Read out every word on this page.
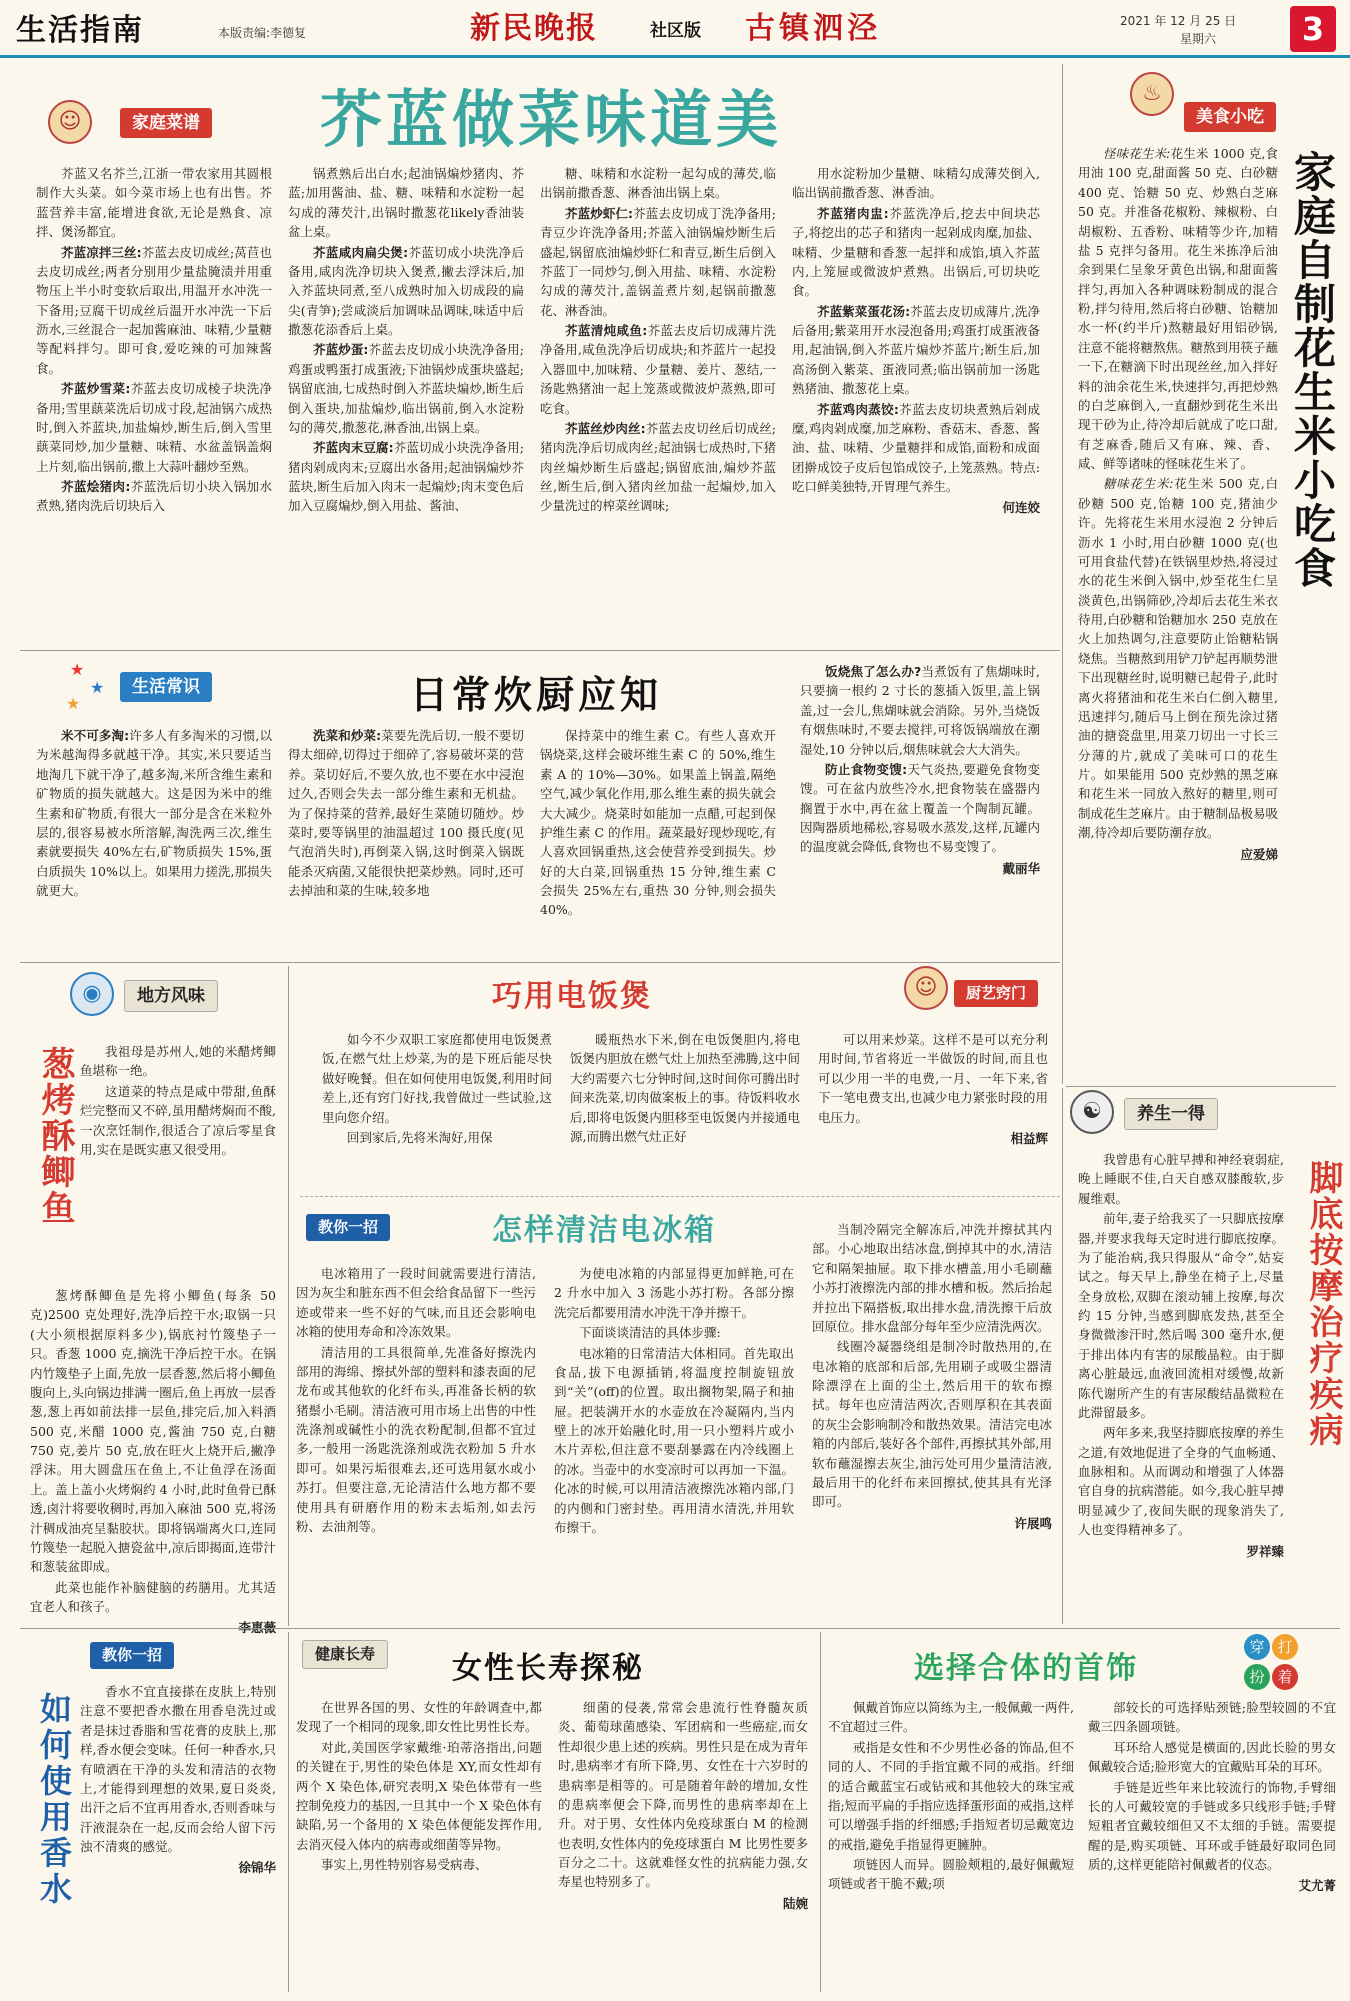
生活指南	本版责编:李德复	新民晚报	社区版 古镇泗泾	2021 年 12 月 25 日
星期六	3
☺	家庭菜谱 芥蓝做菜味道美

芥蓝又名芥兰,江浙一带农家用其圆根制作大头菜。如今菜市场上也有出售。芥蓝营养丰富,能增进食欲,无论是熟食、凉拌、煲汤都宜。

芥蓝凉拌三丝:芥蓝去皮切成丝;莴苣也去皮切成丝;两者分别用少量盐腌渍并用重物压上半小时变软后取出,用温开水冲洗一下备用;豆腐干切成丝后温开水冲洗一下后沥水,三丝混合一起加酱麻油、味精,少量糖等配料拌匀。即可食,爱吃辣的可加辣酱食。

芥蓝炒雪菜:芥蓝去皮切成棱子块洗净备用;雪里蕻菜洗后切成寸段,起油锅六成热时,倒入芥蓝块,加盐煸炒,断生后,倒入雪里蕻菜同炒,加少量糖、味精、水盆盖锅盖焖上片刻,临出锅前,撒上大蒜叶翻炒至熟。

芥蓝烩猪肉:芥蓝洗后切小块入锅加水煮熟,猪肉洗后切块后入

锅煮熟后出白水;起油锅煸炒猪肉、芥蓝;加用酱油、盐、糖、味精和水淀粉一起勾成的薄芡汁,出锅时撒葱花likely香油装盆上桌。

芥蓝咸肉扁尖煲:芥蓝切成小块洗净后备用,咸肉洗净切块入煲煮,撇去浮沫后,加入芥蓝块同煮,至八成熟时加入切成段的扁尖(青笋);尝咸淡后加调味品调味,味适中后撒葱花添香后上桌。

芥蓝炒蛋:芥蓝去皮切成小块洗净备用;鸡蛋或鸭蛋打成蛋液;下油锅炒成蛋块盛起;锅留底油,七成热时倒入芥蓝块煸炒,断生后倒入蛋块,加盐煸炒,临出锅前,倒入水淀粉勾的薄芡,撒葱花,淋香油,出锅上桌。

芥蓝肉末豆腐:芥蓝切成小块洗净备用;猪肉剁成肉末;豆腐出水备用;起油锅煸炒芥蓝块,断生后加入肉末一起煸炒;肉末变色后加入豆腐煸炒,倒入用盐、酱油、

糖、味精和水淀粉一起勾成的薄芡,临出锅前撒香葱、淋香油出锅上桌。

芥蓝炒虾仁:芥蓝去皮切成丁洗净备用;青豆少许洗净备用;芥蓝入油锅煸炒断生后盛起,锅留底油煸炒虾仁和青豆,断生后倒入芥蓝丁一同炒匀,倒入用盐、味精、水淀粉勾成的薄芡汁,盖锅盖煮片刻,起锅前撒葱花、淋香油。

芥蓝清炖咸鱼:芥蓝去皮后切成薄片洗净备用,咸鱼洗净后切成块;和芥蓝片一起投入器皿中,加味精、少量糖、姜片、葱结,一汤匙熟猪油一起上笼蒸或微波炉蒸熟,即可吃食。

芥蓝丝炒肉丝:芥蓝去皮切丝后切成丝;猪肉洗净后切成肉丝;起油锅七成热时,下猪肉丝煸炒断生后盛起;锅留底油,煸炒芥蓝丝,断生后,倒入猪肉丝加盐一起煸炒,加入少量洗过的榨菜丝调味;

用水淀粉加少量糖、味精勾成薄芡倒入,临出锅前撒香葱、淋香油。

芥蓝猪肉盅:芥蓝洗净后,挖去中间块芯子,将挖出的芯子和猪肉一起剁成肉糜,加盐、味精、少量糖和香葱一起拌和成馅,填入芥蓝内,上笼屉或微波炉煮熟。出锅后,可切块吃食。

芥蓝紫菜蛋花汤:芥蓝去皮切成薄片,洗净后备用;紫菜用开水浸泡备用;鸡蛋打成蛋液备用,起油锅,倒入芥蓝片煸炒芥蓝片;断生后,加高汤倒入紫菜、蛋液同煮;临出锅前加一汤匙熟猪油、撒葱花上桌。

芥蓝鸡肉蒸饺:芥蓝去皮切块煮熟后剁成糜,鸡肉剁成糜,加芝麻粉、香菇末、香葱、酱油、盐、味精、少量糖拌和成馅,面粉和成面团擀成饺子皮后包馅成饺子,上笼蒸熟。特点:吃口鲜美独特,开胃理气养生。

何连姣
♨
美食小吃
家庭自制花生米小吃食

怪味花生米:花生米 1000 克,食用油 100 克,甜面酱 50 克、白砂糖 400 克、饴糖 50 克、炒熟白芝麻 50 克。并准备花椒粉、辣椒粉、白胡椒粉、五香粉、味精等少许,加精盐 5 克拌匀备用。花生米拣净后油余到果仁呈象牙黄色出锅,和甜面酱拌匀,再加入各种调味粉制成的混合粉,拌匀待用,然后将白砂糖、饴糖加水一杯(约半斤)熬糖最好用铝砂锅,注意不能将糖熬焦。糖熬到用筷子蘸一下,在糖滴下时出现丝丝,加入拌好料的油余花生米,快速拌匀,再把炒熟的白芝麻倒入,一直翻炒到花生米出现干砂为止,待冷却后就成了吃口甜,有芝麻香,随后又有麻、辣、香、咸、鲜等诸味的怪味花生米了。

糖味花生米:花生米 500 克,白砂糖 500 克,饴糖 100 克,猪油少许。先将花生米用水浸泡 2 分钟后沥水 1 小时,用白砂糖 1000 克(也可用食盐代替)在铁锅里炒热,将浸过水的花生米倒入锅中,炒至花生仁呈淡黄色,出锅筛砂,冷却后去花生米衣待用,白砂糖和饴糖加水 250 克放在火上加热调匀,注意要防止饴糖粘锅烧焦。当糖熬到用铲刀铲起再顺势泄下出现糖丝时,说明糖已起骨子,此时离火将猪油和花生米白仁倒入糖里,迅速拌匀,随后马上倒在预先涂过猪油的搪瓷盘里,用菜刀切出一寸长三分薄的片,就成了美味可口的花生片。如果能用 500 克炒熟的黑芝麻和花生米一同放入熬好的糖里,则可制成花生芝麻片。由于糖制品极易吸潮,待冷却后要防潮存放。

应爱娣
★
★
★
生活常识	日常炊厨应知

米不可多淘:许多人有多淘米的习惯,以为米越淘得多就越干净。其实,米只要适当地淘几下就干净了,越多淘,米所含维生素和矿物质的损失就越大。这是因为米中的维生素和矿物质,有很大一部分是含在米粒外层的,很容易被水所溶解,淘洗两三次,维生素就要损失 40%左右,矿物质损失 15%,蛋白质损失 10%以上。如果用力搓洗,那损失就更大。

洗菜和炒菜:菜要先洗后切,一般不要切得太细碎,切得过于细碎了,容易破坏菜的营养。菜切好后,不要久放,也不要在水中浸泡过久,否则会失去一部分维生素和无机盐。为了保持菜的营养,最好生菜随切随炒。炒菜时,要等锅里的油温超过 100 摄氏度(见气泡消失时),再倒菜入锅,这时倒菜入锅既能杀灭病菌,又能很快把菜炒熟。同时,还可去掉油和菜的生味,较多地

保持菜中的维生素 C。有些人喜欢开锅烧菜,这样会破坏维生素 C 的 50%,维生素 A 的 10%—30%。如果盖上锅盖,隔绝空气,减少氧化作用,那么维生素的损失就会大大减少。烧菜时如能加一点醋,可起到保护维生素 C 的作用。蔬菜最好现炒现吃,有人喜欢回锅重热,这会使营养受到损失。炒好的大白菜,回锅重热 15 分钟,维生素 C 会损失 25%左右,重热 30 分钟,则会损失 40%。

饭烧焦了怎么办?当煮饭有了焦煳味时,只要摘一根约 2 寸长的葱插入饭里,盖上锅盖,过一会儿,焦煳味就会消除。另外,当烧饭有烟焦味时,不要去搅拌,可将饭锅端放在潮湿处,10 分钟以后,烟焦味就会大大消失。

防止食物变馊:天气炎热,要避免食物变馊。可在盆内放些冷水,把食物装在盛器内搁置于水中,再在盆上覆盖一个陶制瓦罐。因陶器质地稀松,容易吸水蒸发,这样,瓦罐内的温度就会降低,食物也不易变馊了。

戴丽华
◉	地方风味
葱烤酥鲫鱼	我祖母是苏州人,她的米醋烤鲫鱼堪称一绝。

这道菜的特点是咸中带甜,鱼酥烂完整而又不碎,虽用醋烤焖而不酸,一次烹饪制作,很适合了凉后零星食用,实在是既实惠又很受用。

葱烤酥鲫鱼是先将小鲫鱼(每条 50 克)2500 克处理好,洗净后控干水;取锅一只(大小须根据原料多少),锅底衬竹篾垫子一只。香葱 1000 克,摘洗干净后控干水。在锅内竹篾垫子上面,先放一层香葱,然后将小鲫鱼腹向上,头向锅边排满一圈后,鱼上再放一层香葱,葱上再如前法排一层鱼,排完后,加入料酒 500 克,米醋 1000 克,酱油 750 克,白糖 750 克,姜片 50 克,放在旺火上烧开后,撇净浮沫。用大圆盘压在鱼上,不让鱼浮在汤面上。盖上盖小火烤焖约 4 小时,此时鱼骨已酥透,卤汁将要收稠时,再加入麻油 500 克,将汤汁稠成油亮呈黏胶状。即将锅端离火口,连同竹篾垫一起脱入搪瓷盆中,凉后即揭面,连带汁和葱装盆即成。

此菜也能作补脑健脑的药膳用。尤其适宜老人和孩子。

李惠薇
巧用电饭煲	☺	厨艺窍门

如今不少双职工家庭都使用电饭煲煮饭,在燃气灶上炒菜,为的是下班后能尽快做好晚餐。但在如何使用电饭煲,利用时间差上,还有窍门好找,我曾做过一些试验,这里向您介绍。

回到家后,先将米淘好,用保

暖瓶热水下米,倒在电饭煲胆内,将电饭煲内胆放在燃气灶上加热至沸腾,这中间大约需要六七分钟时间,这时间你可腾出时间来洗菜,切肉做案板上的事。待饭料收水后,即将电饭煲内胆移至电饭煲内并接通电源,而腾出燃气灶正好

可以用来炒菜。这样不是可以充分利用时间,节省将近一半做饭的时间,而且也可以少用一半的电费,一月、一年下来,省下一笔电费支出,也减少电力紧张时段的用电压力。

相益辉
教你一招	怎样清洁电冰箱

电冰箱用了一段时间就需要进行清洁,因为灰尘和脏东西不但会给食品留下一些污迹或带来一些不好的气味,而且还会影响电冰箱的使用寿命和冷冻效果。

清洁用的工具很简单,先准备好擦洗内部用的海绵、擦拭外部的塑料和漆表面的尼龙布或其他软的化纤布头,再准备长柄的软猪鬃小毛刷。清洁液可用市场上出售的中性洗涤剂或碱性小的洗衣粉配制,但都不宜过多,一般用一汤匙洗涤剂或洗衣粉加 5 升水即可。如果污垢很难去,还可选用氨水或小苏打。但要注意,无论清洁什么地方都不要使用具有研磨作用的粉末去垢剂,如去污粉、去油剂等。

为使电冰箱的内部显得更加鲜艳,可在 2 升水中加入 3 汤匙小苏打粉。各部分擦洗完后都要用清水冲洗干净并擦干。

下面谈谈清洁的具体步骤:

电冰箱的日常清洁大体相同。首先取出食品,拔下电源插销,将温度控制旋钮放到“关”(off)的位置。取出搁物架,隔子和抽屉。把装满开水的水壶放在冷凝隔内,当内壁上的冰开始融化时,用一只小塑料片或小木片弄松,但注意不要刮暴露在内冷线圈上的冰。当壶中的水变凉时可以再加一下温。化冰的时候,可以用清洁液擦洗冰箱内部,门的内侧和门密封垫。再用清水清洗,并用软布擦干。

当制冷隔完全解冻后,冲洗并擦拭其内部。小心地取出结冰盘,倒掉其中的水,清洁它和隔架抽屉。取下排水槽盖,用小毛刷蘸小苏打液擦洗内部的排水槽和板。然后抬起并拉出下隔搭板,取出排水盘,清洗擦干后放回原位。排水盘部分每年至少应清洗两次。

线圈冷凝器绕组是制冷时散热用的,在电冰箱的底部和后部,先用刷子或吸尘器清除漂浮在上面的尘土,然后用干的软布擦拭。每年也应清洁两次,否则厚积在其表面的灰尘会影响制冷和散热效果。清洁完电冰箱的内部后,装好各个部件,再擦拭其外部,用软布蘸湿擦去灰尘,油污处可用少量清洁液,最后用干的化纤布来回擦拭,使其具有光泽即可。

许展鸣
☯	养生一得

我曾患有心脏早搏和神经衰弱症,晚上睡眠不佳,白天自感双膝酸软,步履维艰。

前年,妻子给我买了一只脚底按摩器,并要求我每天定时进行脚底按摩。为了能治病,我只得服从“命令”,姑妄试之。每天早上,静坐在椅子上,尽量全身放松,双脚在滚动辅上按摩,每次约 15 分钟,当感到脚底发热,甚至全身微微渗汗时,然后喝 300 毫升水,便于排出体内有害的尿酸晶粒。由于脚离心脏最远,血液回流相对缓慢,故新陈代谢所产生的有害尿酸结晶微粒在此滞留最多。

两年多来,我坚持脚底按摩的养生之道,有效地促进了全身的气血畅通、血脉相和。从而调动和增强了人体器官自身的抗病潜能。如今,我心脏早搏明显减少了,夜间失眠的现象消失了,人也变得精神多了。

罗祥臻
脚底按摩治疗疾病
教你一招
如何使用香水

香水不宜直接搽在皮肤上,特别注意不要把香水撒在用香皂洗过或者是抹过香脂和雪花膏的皮肤上,那样,香水便会变味。任何一种香水,只有喷洒在干净的头发和清洁的衣物上,才能得到理想的效果,夏日炎炎,出汗之后不宜再用香水,否则香味与汗液混杂在一起,反而会给人留下污浊不清爽的感觉。

徐锦华
健康长寿	女性长寿探秘

在世界各国的男、女性的年龄调查中,都发现了一个相同的现象,即女性比男性长寿。

对此,美国医学家戴维·珀蒂洛指出,问题的关键在于,男性的染色体是 XY,而女性却有两个 X 染色体,研究表明,X 染色体带有一些控制免疫力的基因,一旦其中一个 X 染色体有缺陷,另一个备用的 X 染色体便能发挥作用,去消灭侵入体内的病毒或细菌等异物。

事实上,男性特别容易受病毒、

细菌的侵袭,常常会患流行性脊髓灰质炎、葡萄球菌感染、军团病和一些癌症,而女性却很少患上述的疾病。男性只是在成为青年时,患病率才有所下降,男、女性在十六岁时的患病率是相等的。可是随着年龄的增加,女性的患病率便会下降,而男性的患病率却在上升。对于男、女性体内免疫球蛋白 M 的检测也表明,女性体内的免疫球蛋白 M 比男性要多百分之二十。这就难怪女性的抗病能力强,女寿星也特别多了。

陆婉
选择合体的首饰
穿 打
扮 着

佩戴首饰应以简练为主,一般佩戴一两件,不宜超过三件。

戒指是女性和不少男性必备的饰品,但不同的人、不同的手指宜戴不同的戒指。纤细的适合戴蓝宝石或钻戒和其他较大的珠宝戒指;短而平扁的手指应选择蛋形面的戒指,这样可以增强手指的纤细感;手指短者切忌戴宽边的戒指,避免手指显得更臃肿。

项链因人而异。圆脸颊粗的,最好佩戴短项链或者干脆不戴;项

部较长的可选择贴颈链;脸型较圆的不宜戴三四条圆项链。

耳环给人感觉是横面的,因此长脸的男女佩戴较合适;脸形宽大的宜戴贴耳朵的耳环。

手链是近些年来比较流行的饰物,手臂细长的人可戴较宽的手链或多只线形手链;手臂短粗者宜戴较细但又不太细的手链。需要提醒的是,购买项链、耳环或手链最好取同色同质的,这样更能陪衬佩戴者的仪态。

艾尤菁
